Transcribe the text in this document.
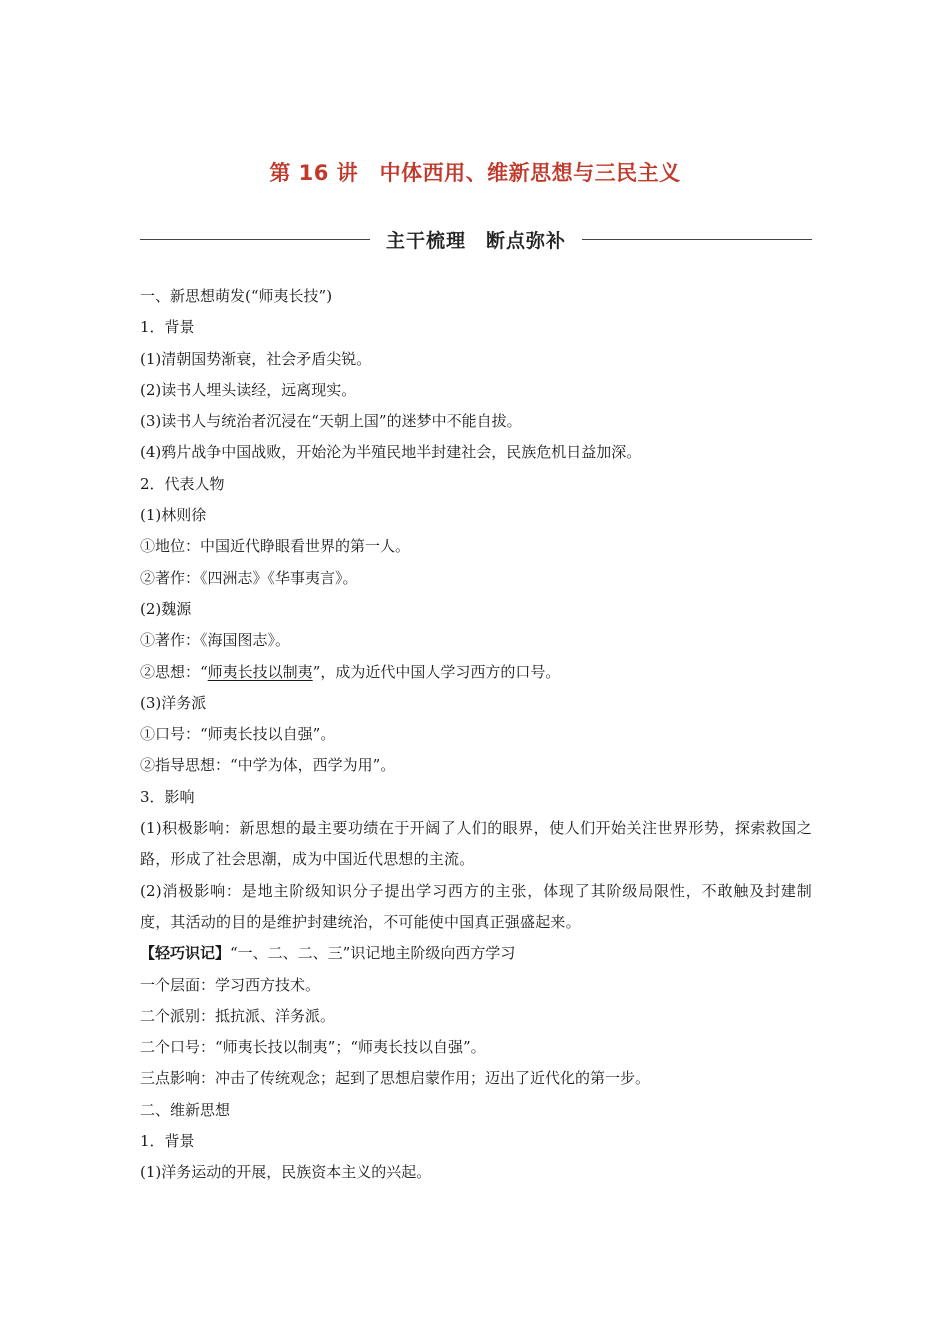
第 16 讲　中体西用、维新思想与三民主义
主干梳理　断点弥补
一、新思想萌发(“师夷长技”)
1．背景
(1)清朝国势渐衰，社会矛盾尖锐。
(2)读书人埋头读经，远离现实。
(3)读书人与统治者沉浸在“天朝上国”的迷梦中不能自拔。
(4)鸦片战争中国战败，开始沦为半殖民地半封建社会，民族危机日益加深。
2．代表人物
(1)林则徐
①地位：中国近代睁眼看世界的第一人。
②著作：《四洲志》《华事夷言》。
(2)魏源
①著作：《海国图志》。
②思想：“师夷长技以制夷”，成为近代中国人学习西方的口号。
(3)洋务派
①口号：“师夷长技以自强”。
②指导思想：“中学为体，西学为用”。
3．影响
(1)积极影响：新思想的最主要功绩在于开阔了人们的眼界，使人们开始关注世界形势，探索救国之路，形成了社会思潮，成为中国近代思想的主流。
(2)消极影响：是地主阶级知识分子提出学习西方的主张，体现了其阶级局限性，不敢触及封建制度，其活动的目的是维护封建统治，不可能使中国真正强盛起来。
【轻巧识记】“一、二、二、三”识记地主阶级向西方学习
一个层面：学习西方技术。
二个派别：抵抗派、洋务派。
二个口号：“师夷长技以制夷”；“师夷长技以自强”。
三点影响：冲击了传统观念；起到了思想启蒙作用；迈出了近代化的第一步。
二、维新思想
1．背景
(1)洋务运动的开展，民族资本主义的兴起。
